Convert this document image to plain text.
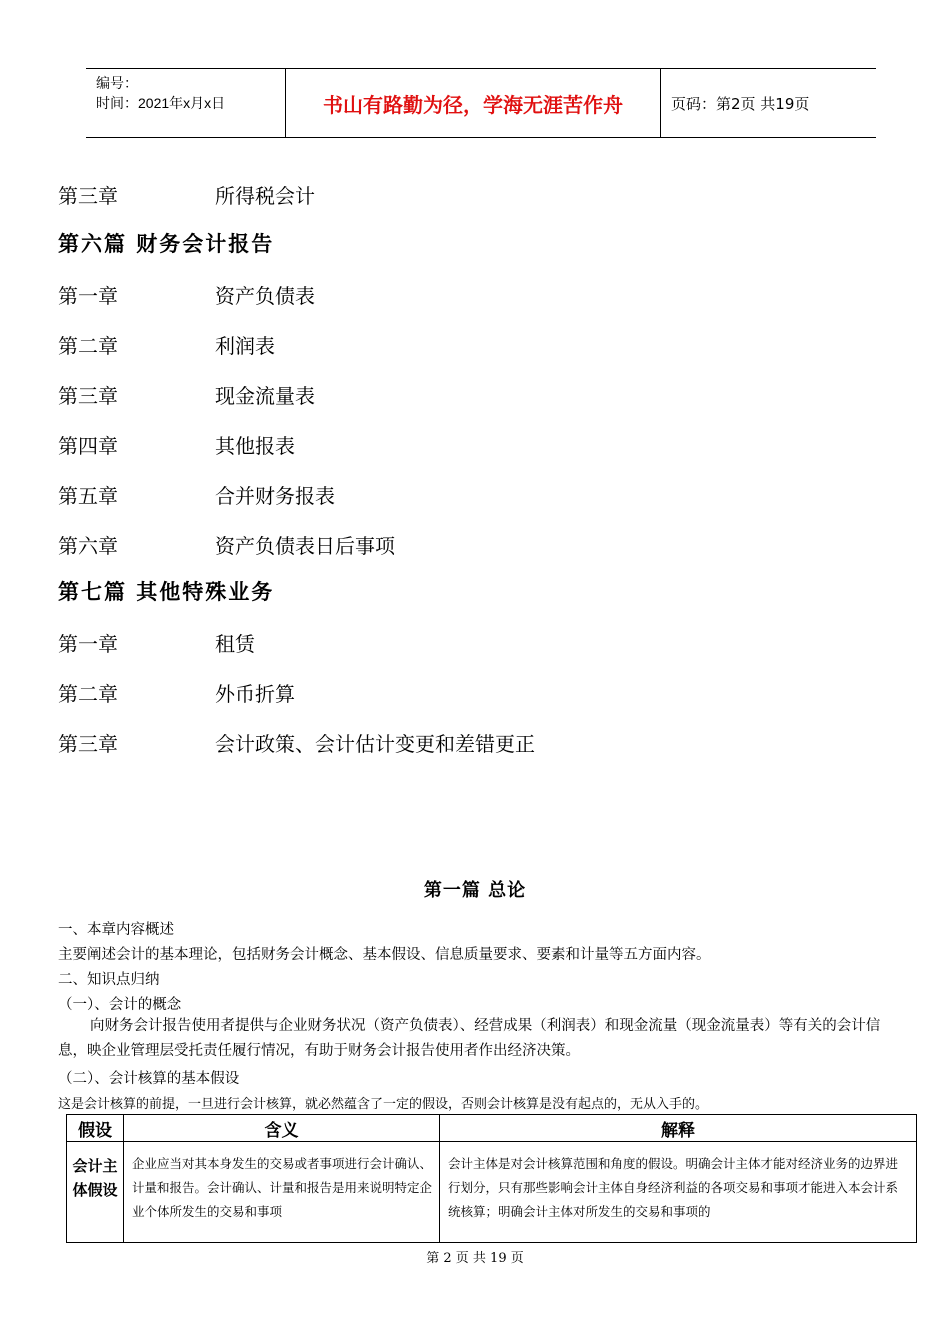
编号：
时间：2021年x月x日	书山有路勤为径，学海无涯苦作舟	页码：第2页 共19页
第三章	所得税会计
第六篇 财务会计报告
第一章	资产负债表
第二章	利润表
第三章	现金流量表
第四章	其他报表
第五章	合并财务报表
第六章	资产负债表日后事项
第七篇 其他特殊业务
第一章	租赁
第二章	外币折算
第三章	会计政策、会计估计变更和差错更正
第一篇 总论
一、本章内容概述
主要阐述会计的基本理论，包括财务会计概念、基本假设、信息质量要求、要素和计量等五方面内容。
二、知识点归纳
（一）、会计的概念
向财务会计报告使用者提供与企业财务状况（资产负债表）、经营成果（利润表）和现金流量（现金流量表）等有关的会计信息，映企业管理层受托责任履行情况，有助于财务会计报告使用者作出经济决策。
（二）、会计核算的基本假设
这是会计核算的前提，一旦进行会计核算，就必然蕴含了一定的假设，否则会计核算是没有起点的，无从入手的。
假设	含义	解释

会计主体假设	企业应当对其本身发生的交易或者事项进行会计确认、计量和报告。会计确认、计量和报告是用来说明特定企业个体所发生的交易和事项	会计主体是对会计核算范围和角度的假设。明确会计主体才能对经济业务的边界进行划分，只有那些影响会计主体自身经济利益的各项交易和事项才能进入本会计系统核算；明确会计主体对所发生的交易和事项的
第 2 页 共 19 页
